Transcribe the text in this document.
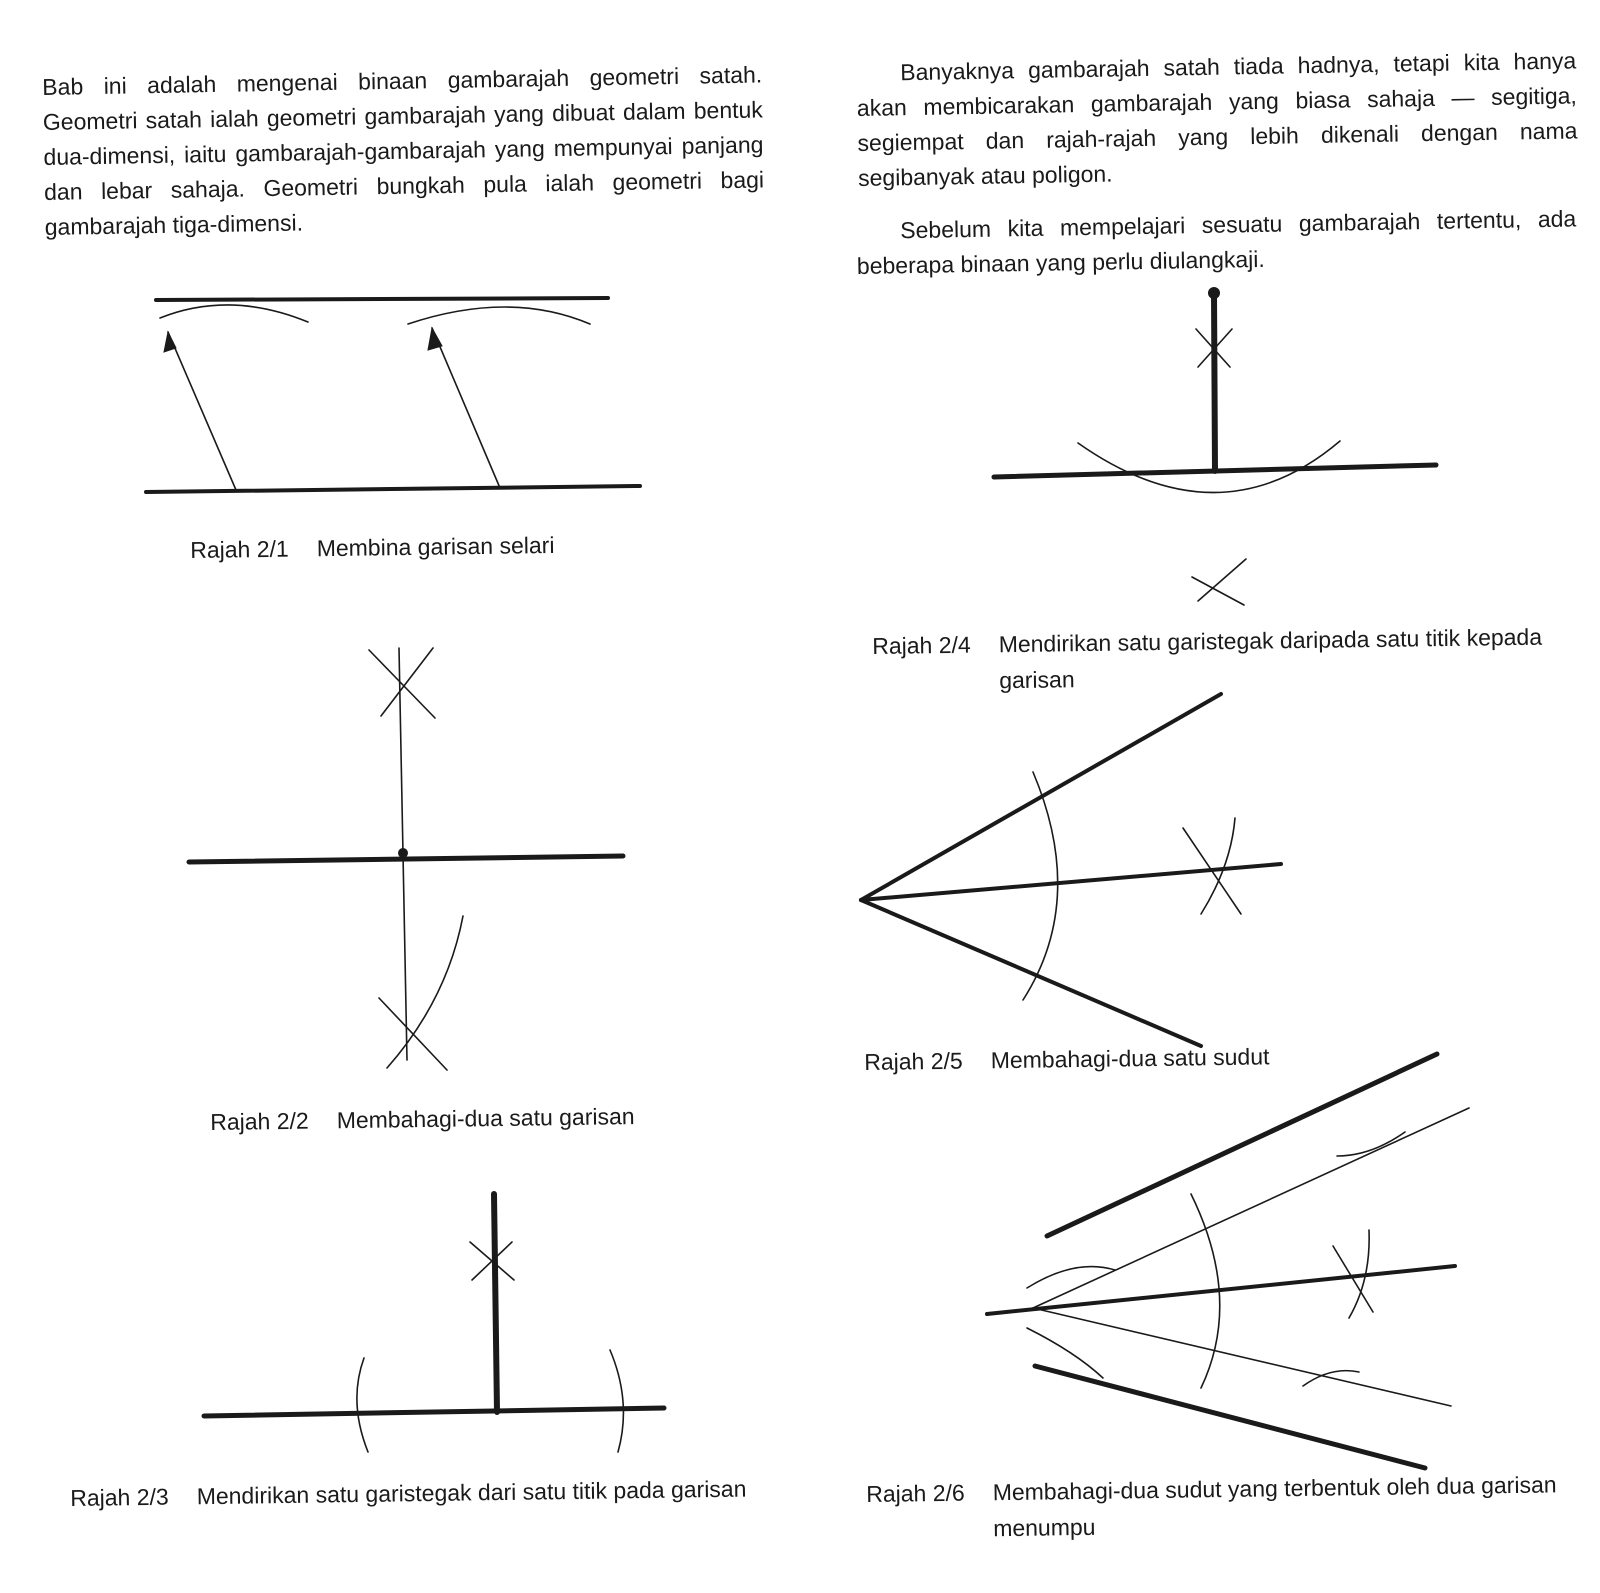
Bab ini adalah mengenai binaan gambarajah geometri satah. Geometri satah ialah geometri gambarajah yang dibuat dalam bentuk dua-dimensi, iaitu gambarajah-gambarajah yang mempunyai panjang dan lebar sahaja. Geometri bungkah pula ialah geometri bagi gambarajah tiga-dimensi.

Banyaknya gambarajah satah tiada hadnya, tetapi kita hanya akan membicarakan gambarajah yang biasa sahaja — segitiga, segiempat dan rajah-rajah yang lebih dikenali dengan nama segibanyak atau poligon.

Sebelum kita mempelajari sesuatu gambarajah tertentu, ada beberapa binaan yang perlu diulangkaji.

Rajah 2/1 Membina garisan selari
Rajah 2/2 Membahagi-dua satu garisan
Rajah 2/3 Mendirikan satu garistegak dari satu titik pada garisan
Rajah 2/4 Mendirikan satu garistegak daripada satu titik kepada garisan
Rajah 2/5 Membahagi-dua satu sudut
Rajah 2/6 Membahagi-dua sudut yang terbentuk oleh dua garisan menumpu
